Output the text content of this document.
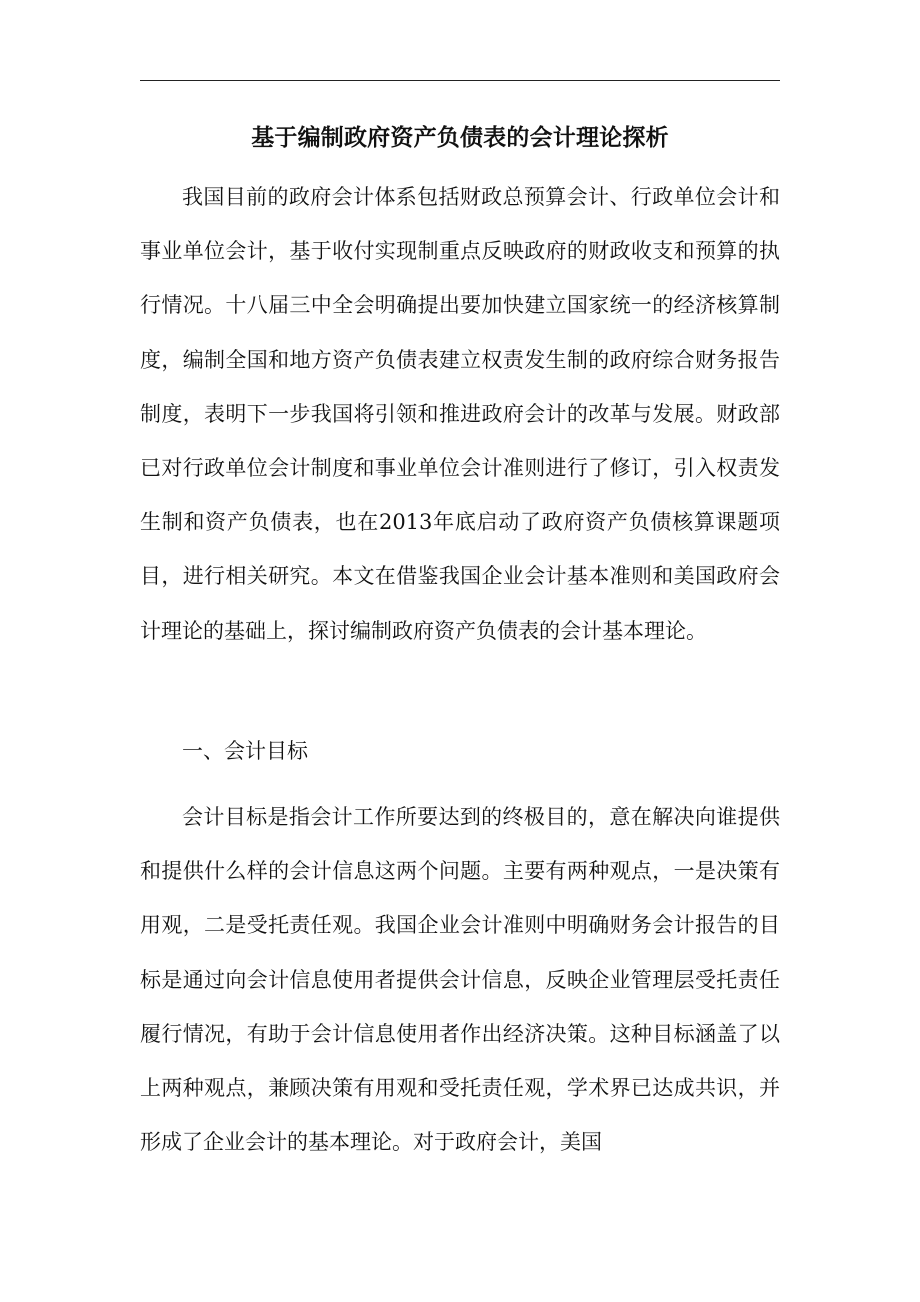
基于编制政府资产负债表的会计理论探析
我国目前的政府会计体系包括财政总预算会计、行政单位会计和事业单位会计，基于收付实现制重点反映政府的财政收支和预算的执行情况。十八届三中全会明确提出要加快建立国家统一的经济核算制度，编制全国和地方资产负债表建立权责发生制的政府综合财务报告制度，表明下一步我国将引领和推进政府会计的改革与发展。财政部已对行政单位会计制度和事业单位会计准则进行了修订，引入权责发生制和资产负债表，也在2013年底启动了政府资产负债核算课题项目，进行相关研究。本文在借鉴我国企业会计基本准则和美国政府会计理论的基础上，探讨编制政府资产负债表的会计基本理论。
一、会计目标
会计目标是指会计工作所要达到的终极目的，意在解决向谁提供和提供什么样的会计信息这两个问题。主要有两种观点，一是决策有用观，二是受托责任观。我国企业会计准则中明确财务会计报告的目标是通过向会计信息使用者提供会计信息，反映企业管理层受托责任履行情况，有助于会计信息使用者作出经济决策。这种目标涵盖了以上两种观点，兼顾决策有用观和受托责任观，学术界已达成共识，并形成了企业会计的基本理论。对于政府会计，美国
